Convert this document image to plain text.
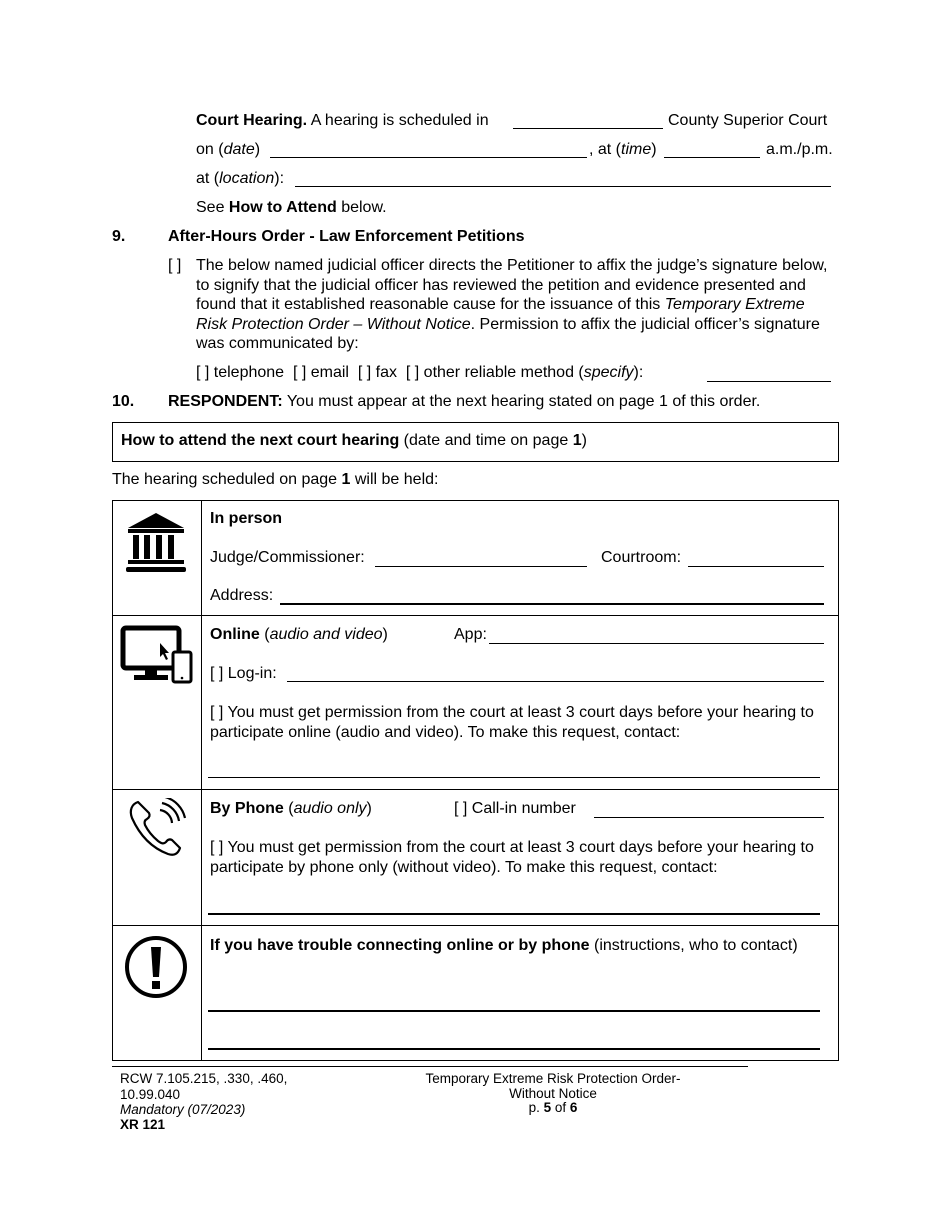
Court Hearing. A hearing is scheduled in	County Superior Court
on (date)	, at (time)	a.m./p.m.
at (location):
See How to Attend below.
9.	After-Hours Order - Law Enforcement Petitions
[ ] The below named judicial officer directs the Petitioner to affix the judge’s signature below, to signify that the judicial officer has reviewed the petition and evidence presented and found that it established reasonable cause for the issuance of this Temporary Extreme Risk Protection Order – Without Notice. Permission to affix the judicial officer’s signature was communicated by:
[ ] telephone  [ ] email  [ ] fax  [ ] other reliable method (specify):
10. RESPONDENT: You must appear at the next hearing stated on page 1 of this order.
How to attend the next court hearing (date and time on page 1)
The hearing scheduled on page 1 will be held:
In person
Judge/Commissioner:	Courtroom:
Address:
Online (audio and video)	App:
[ ] Log-in:
[ ] You must get permission from the court at least 3 court days before your hearing to participate online (audio and video). To make this request, contact:
By Phone (audio only)	[ ] Call-in number
[ ] You must get permission from the court at least 3 court days before your hearing to participate by phone only (without video). To make this request, contact:
If you have trouble connecting online or by phone (instructions, who to contact)
RCW 7.105.215, .330, .460,
10.99.040
Mandatory (07/2023)
XR 121
Temporary Extreme Risk Protection Order-
Without Notice
p. 5 of 6
